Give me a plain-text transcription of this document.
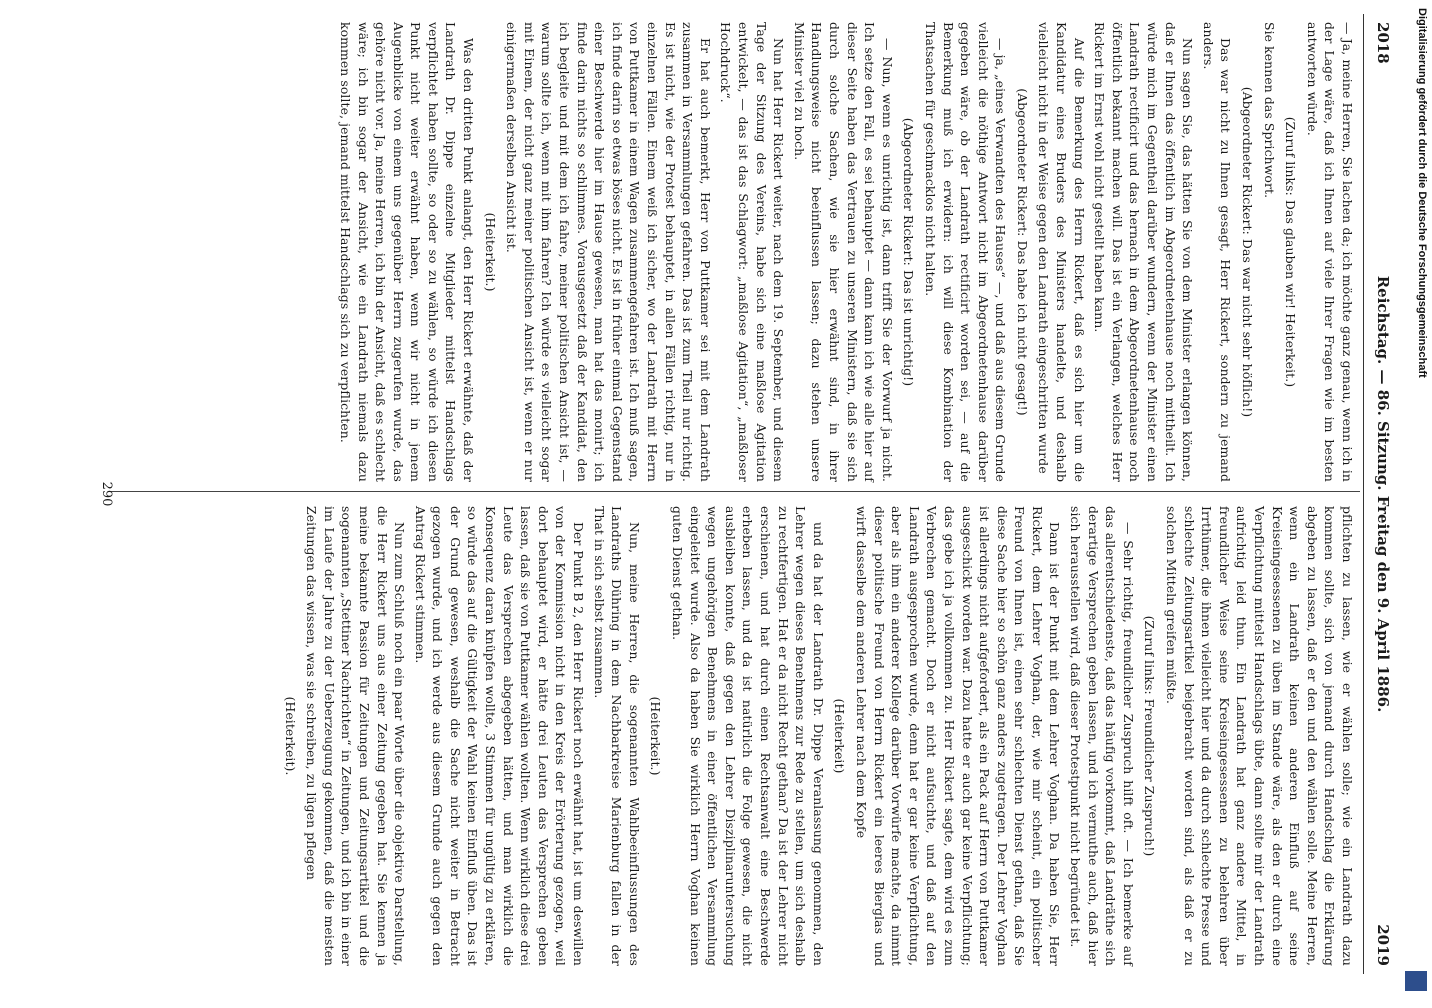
2018
Reichstag. — 86. Sitzung. Freitag den 9. April 1886.
2019

— Ja, meine Herren, Sie lachen da; ich möchte ganz genau, wenn ich in der Lage wäre, daß ich Ihnen auf viele Ihrer Fragen wie im besten antworten würde.

(Zuruf links: Das glauben wir! Heiterkeit.)

Sie kennen das Sprichwort.

(Abgeordneter Rickert: Das war nicht sehr höflich!)

Das war nicht zu Ihnen gesagt, Herr Rickert, sondern zu jemand anders.

Nun sagen Sie, das hätten Sie von dem Minister erlangen können, daß er Ihnen das öffentlich im Abgeordnetenhause noch mittheilt. Ich würde mich im Gegentheil darüber wundern, wenn der Minister einen Landrath rectificirt und das hernach in dem Abgeordnetenhause noch öffentlich bekannt machen will. Das ist ein Verlangen, welches Herr Rickert im Ernst wohl nicht gestellt haben kann.

Auf die Bemerkung des Herrn Rickert, daß es sich hier um die Kandidatur eines Bruders des Ministers handelte, und deshalb vielleicht nicht in der Weise gegen den Landrath eingeschritten wurde

(Abgeordneter Rickert: Das habe ich nicht gesagt!)

— ja, „eines Verwandten des Hauses“ —, und daß aus diesem Grunde vielleicht die nöthige Antwort nicht im Abgeordnetenhause darüber gegeben wäre, ob der Landrath rectificirt worden sei, — auf die Bemerkung muß ich erwidern: ich will diese Kombination der Thatsachen für geschmacklos nicht halten.

(Abgeordneter Rickert: Das ist unrichtig!)

— Nun, wenn es unrichtig ist, dann trifft Sie der Vorwurf ja nicht. Ich setze den Fall, es sei behauptet — dann kann ich wie alle hier auf dieser Seite haben das Vertrauen zu unseren Ministern, daß sie sich durch solche Sachen, wie sie hier erwähnt sind, in ihrer Handlungsweise nicht beeinflussen lassen; dazu stehen unsere Minister viel zu hoch.

Nun hat Herr Rickert weiter, nach dem 19. September, und diesem Tage der Sitzung des Vereins, habe sich eine maßlose Agitation entwickelt, — das ist das Schlagwort: „maßlose Agitation“, „maßloser Hochdruck“.

Er hat auch bemerkt, Herr von Puttkamer sei mit dem Landrath zusammen in Versammlungen gefahren. Das ist zum Theil nur richtig. Es ist nicht, wie der Protest behauptet, in allen Fällen richtig, nur in einzelnen Fällen. Einem weiß ich sicher, wo der Landrath mit Herrn von Puttkamer in einem Wagen zusammengefahren ist. Ich muß sagen, ich finde darin so etwas böses nicht. Es ist in früher einmal Gegenstand einer Beschwerde hier im Hause gewesen, man hat das monirt; ich finde darin nichts so schlimmes. Vorausgesetzt daß der Kandidat, den ich begleite und mit dem ich fahre, meiner politischen Ansicht ist, — warum sollte ich, wenn mit ihm fahren? Ich würde es vielleicht sogar mit Einem, der nicht ganz meiner politischen Ansicht ist, wenn er nur einigermaßen derselben Ansicht ist.

(Heiterkeit.)

Was den dritten Punkt anlangt, den Herr Rickert erwähnte, daß der Landrath Dr. Dippe einzelne Mitglieder mittelst Handschlags verpflichtet haben sollte, so oder so zu wählen, so würde ich diesen Punkt nicht weiter erwähnt haben, wenn wir nicht in jenem Augenblicke von einem uns gegenüber Herrn zugerufen wurde, das gehöre nicht vor. Ja, meine Herren, ich bin der Ansicht, daß es schlecht wäre; ich bin sogar der Ansicht, wie ein Landrath niemals dazu kommen sollte, jemand mittelst Handschlags sich zu verpflichten.

pflichten zu lassen, wie er wählen solle; wie ein Landrath dazu kommen sollte, sich von jemand durch Handschlag die Erklärung abgeben zu lassen, daß er den und den wählen solle. Meine Herren, wenn ein Landrath keinen anderen Einfluß auf seine Kreiseingesessenen zu üben im Stande wäre, als den er durch eine Verpflichtung mittelst Handschlags übte, dann sollte mir der Landrath aufrichtig leid thun. Ein Landrath hat ganz andere Mittel, in freundlicher Weise seine Kreiseingesessenen zu belehren über Irrthümer, die ihnen vielleicht hier und da durch schlechte Presse und schlechte Zeitungsartikel beigebracht worden sind, als daß er zu solchen Mitteln greifen müßte.

(Zuruf links: Freundlicher Zuspruch!)

— Sehr richtig, freundlicher Zuspruch hilft oft. — Ich bemerke auf das allerentschiedenste, daß das häufig vorkommt, daß Landräthe sich derartige Versprechen geben lassen, und ich vermuthe auch, daß hier sich herausstellen wird, daß dieser Protestpunkt nicht begründet ist.

Dann ist der Punkt mit dem Lehrer Voghan. Da haben Sie, Herr Rickert, dem Lehrer Voghan, der, wie mir scheint, ein politischer Freund von Ihnen ist, einen sehr schlechten Dienst gethan, daß Sie diese Sache hier so schön ganz anders zugetragen. Der Lehrer Voghan ist allerdings nicht aufgefordert, als ein Pack auf Herrn von Puttkamer ausgeschickt worden war. Dazu hatte er auch gar keine Verpflichtung; das gebe ich ja vollkommen zu. Herr Rickert sagte, dem wird es zum Verbrechen gemacht. Doch er nicht aufsuchte, und daß auf den Landrath ausgesprochen wurde, denn hat er gar keine Verpflichtung, aber als ihm ein anderer Kollege darüber Vorwürfe machte, da nimmt dieser politische Freund von Herrn Rickert ein leeres Bierglas und wirft dasselbe dem anderen Lehrer nach dem Kopfe

(Heiterkeit)

und da hat der Landrath Dr. Dippe Veranlassung genommen, den Lehrer wegen dieses Benehmens zur Rede zu stellen, um sich deshalb zu rechtfertigen. Hat er da nicht Recht gethan? Da ist der Lehrer nicht erschienen, und hat durch einen Rechtsanwalt eine Beschwerde erheben lassen, und da ist natürlich die Folge gewesen, die nicht ausbleiben konnte, daß gegen den Lehrer Disziplinaruntersuchung wegen ungehörigen Benehmens in einer öffentlichen Versammlung eingeleitet wurde. Also da haben Sie wirklich Herrn Voghan keinen guten Dienst gethan.

(Heiterkeit.)

Nun, meine Herren, die sogenannten Wahlbeeinflussungen des Landraths Dühring in dem Nachbarkreise Marienburg fallen in der That in sich selbst zusammen.

Der Punkt B 2, den Herr Rickert noch erwähnt hat, ist um deswillen von der Kommission nicht in den Kreis der Erörterung gezogen, weil dort behauptet wird, er hätte drei Leuten das Versprechen geben lassen, daß sie von Puttkamer wählen wollten. Wenn wirklich diese drei Leute das Versprechen abgegeben hätten, und man wirklich die Konsequenz daran knüpfen wollte, 3 Stimmen für ungültig zu erklären, so würde das auf die Gültigkeit der Wahl keinen Einfluß üben. Das ist der Grund gewesen, weshalb die Sache nicht weiter in Betracht gezogen wurde, und ich werde aus diesem Grunde auch gegen den Antrag Rickert stimmen.

Nun zum Schluß noch ein paar Worte über die objektive Darstellung, die Herr Rickert uns aus einer Zeitung gegeben hat. Sie kennen ja meine bekannte Passion für Zeitungen und Zeitungsartikel und die sogenannten „Stettiner Nachrichten“ in Zeitungen, und ich bin in einer im Laufe der Jahre zu der Ueberzeugung gekommen, daß die meisten Zeitungen das wissen, was sie schreiben, zu lügen pflegen

(Heiterkeit).

290
Digitalisierung gefördert durch die Deutsche Forschungsgemeinschaft
